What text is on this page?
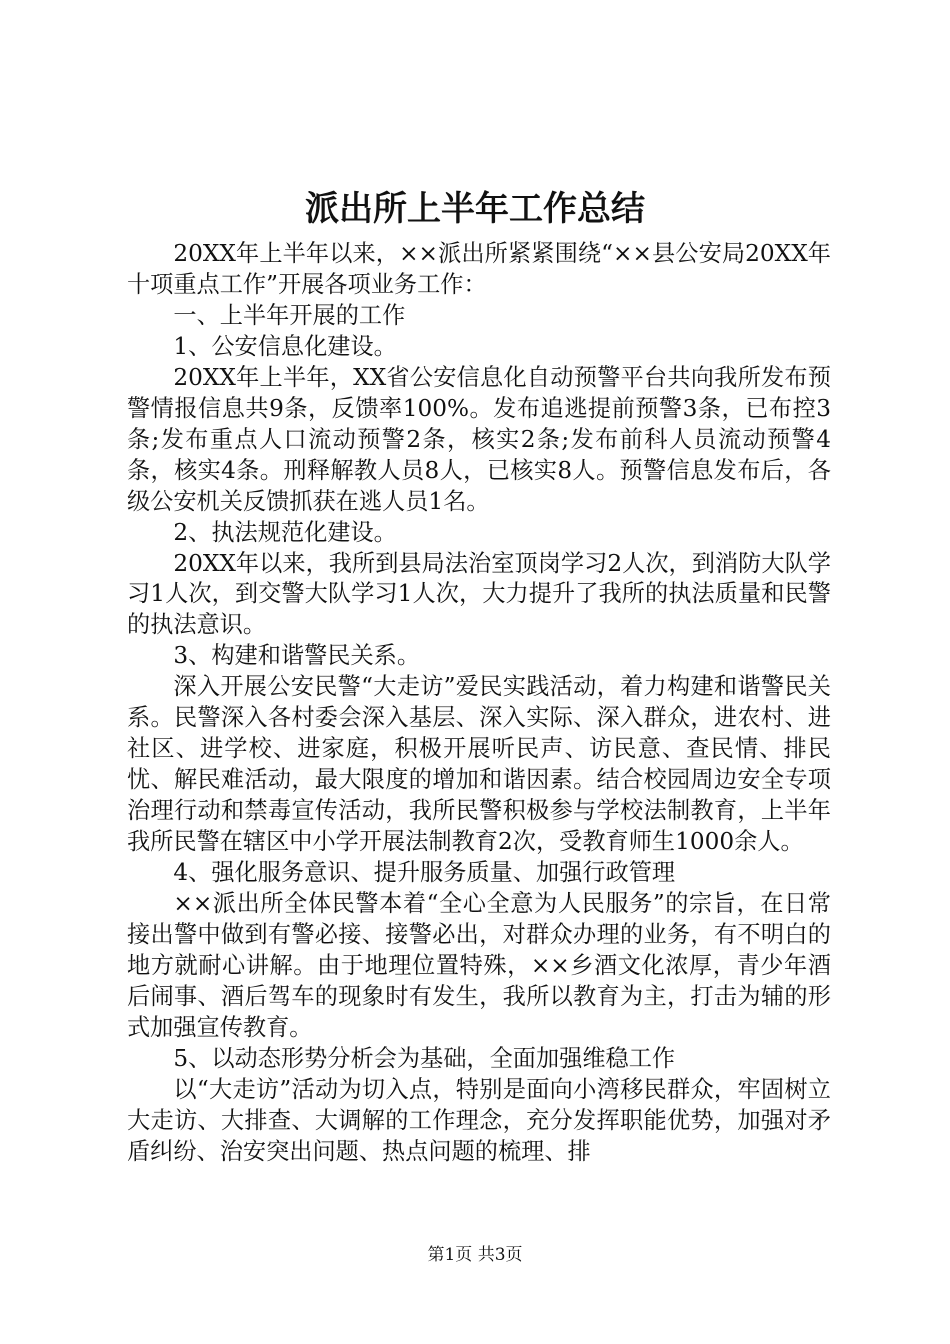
派出所上半年工作总结

20XX年上半年以来，××派出所紧紧围绕“××县公安局20XX年十项重点工作”开展各项业务工作：

一、上半年开展的工作

1、公安信息化建设。

20XX年上半年，XX省公安信息化自动预警平台共向我所发布预警情报信息共9条，反馈率100%。发布追逃提前预警3条，已布控3条;发布重点人口流动预警2条，核实2条;发布前科人员流动预警4条，核实4条。刑释解教人员8人，已核实8人。预警信息发布后，各级公安机关反馈抓获在逃人员1名。

2、执法规范化建设。

20XX年以来，我所到县局法治室顶岗学习2人次，到消防大队学习1人次，到交警大队学习1人次，大力提升了我所的执法质量和民警的执法意识。

3、构建和谐警民关系。

深入开展公安民警“大走访”爱民实践活动，着力构建和谐警民关系。民警深入各村委会深入基层、深入实际、深入群众，进农村、进社区、进学校、进家庭，积极开展听民声、访民意、查民情、排民忧、解民难活动，最大限度的增加和谐因素。结合校园周边安全专项治理行动和禁毒宣传活动，我所民警积极参与学校法制教育，上半年我所民警在辖区中小学开展法制教育2次，受教育师生1000余人。

4、强化服务意识、提升服务质量、加强行政管理

××派出所全体民警本着“全心全意为人民服务”的宗旨，在日常接出警中做到有警必接、接警必出，对群众办理的业务，有不明白的地方就耐心讲解。由于地理位置特殊，××乡酒文化浓厚，青少年酒后闹事、酒后驾车的现象时有发生，我所以教育为主，打击为辅的形式加强宣传教育。

5、以动态形势分析会为基础，全面加强维稳工作

以“大走访”活动为切入点，特别是面向小湾移民群众，牢固树立大走访、大排查、大调解的工作理念，充分发挥职能优势，加强对矛盾纠纷、治安突出问题、热点问题的梳理、排

第1页 共3页
